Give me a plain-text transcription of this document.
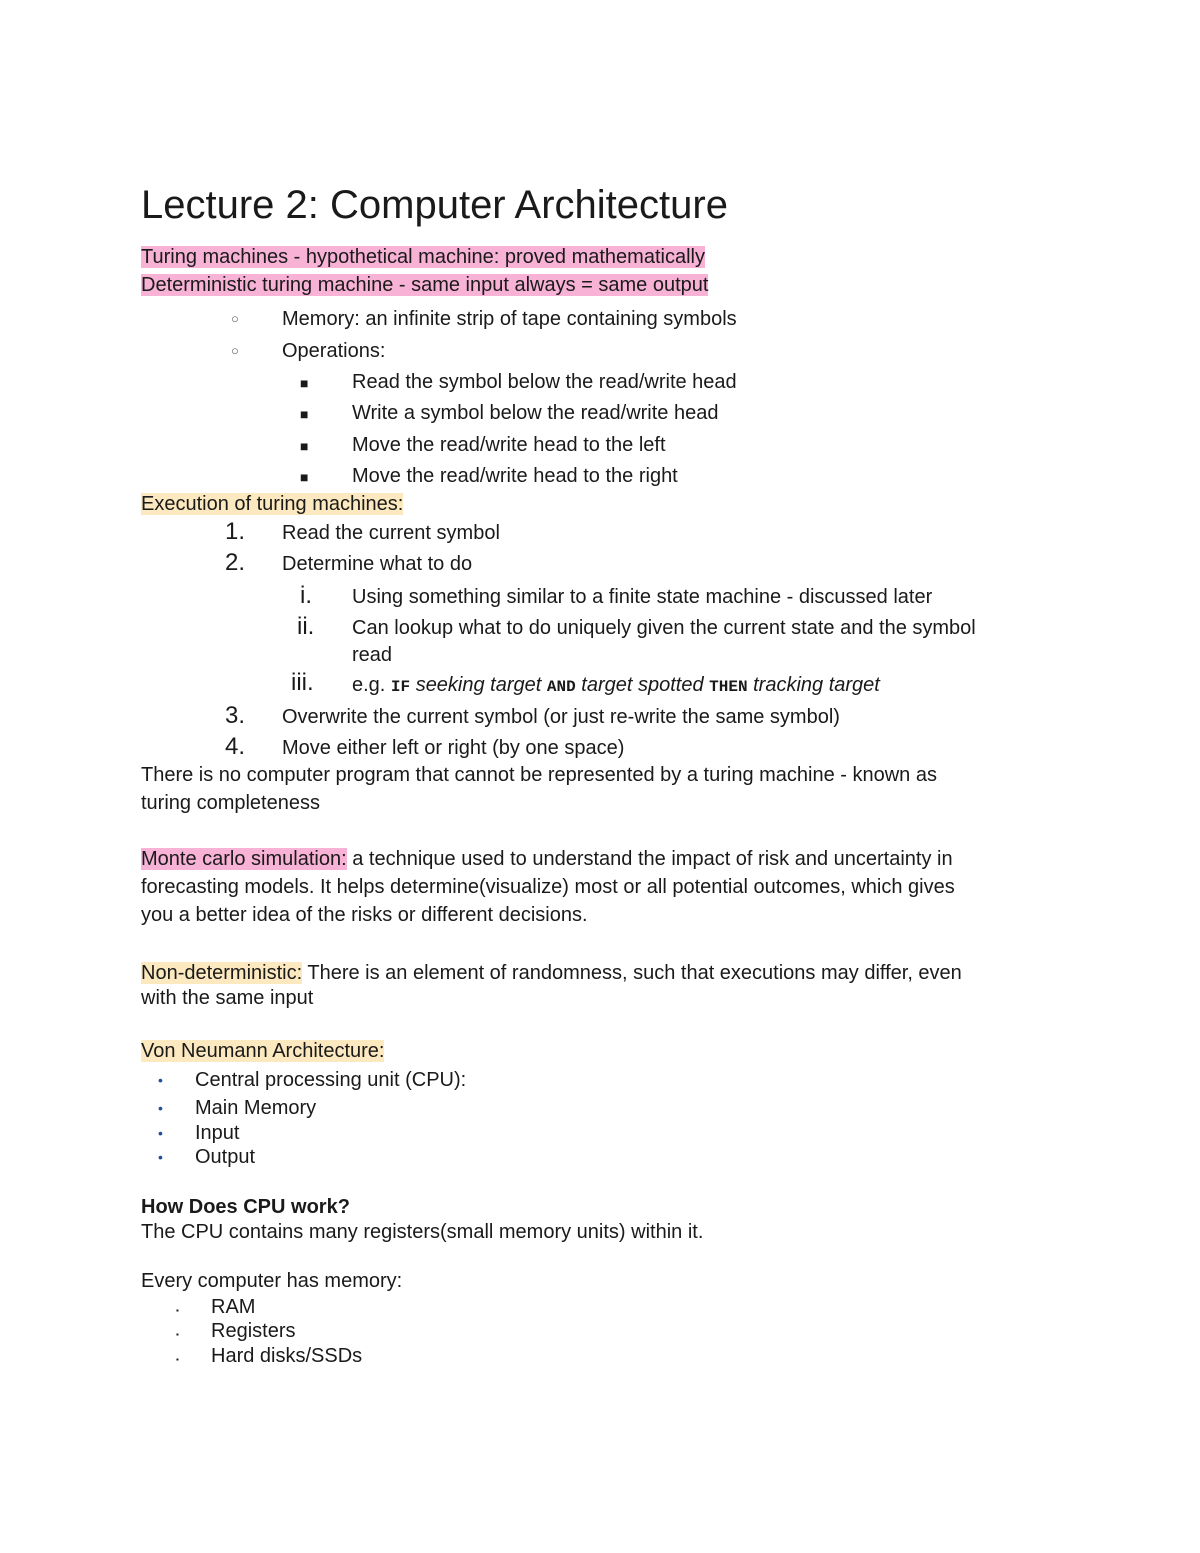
Lecture 2: Computer Architecture
Turing machines - hypothetical machine: proved mathematically
Deterministic turing machine - same input always = same output
○ Memory: an infinite strip of tape containing symbols
○ Operations:
■ Read the symbol below the read/write head
■ Write a symbol below the read/write head
■ Move the read/write head to the left
■ Move the read/write head to the right
Execution of turing machines:
1. Read the current symbol
2. Determine what to do
i. Using something similar to a finite state machine - discussed later
ii. Can lookup what to do uniquely given the current state and the symbol
read
iii. e.g. IF seeking target AND target spotted THEN tracking target
3. Overwrite the current symbol (or just re-write the same symbol)
4. Move either left or right (by one space)
There is no computer program that cannot be represented by a turing machine - known as
turing completeness
Monte carlo simulation: a technique used to understand the impact of risk and uncertainty in
forecasting models. It helps determine(visualize) most or all potential outcomes, which gives
you a better idea of the risks or different decisions.
Non-deterministic: There is an element of randomness, such that executions may differ, even
with the same input
Von Neumann Architecture:
• Central processing unit (CPU):
• Main Memory
• Input
• Output
How Does CPU work?
The CPU contains many registers(small memory units) within it.
Every computer has memory:
▪ RAM
▪ Registers
▪ Hard disks/SSDs
